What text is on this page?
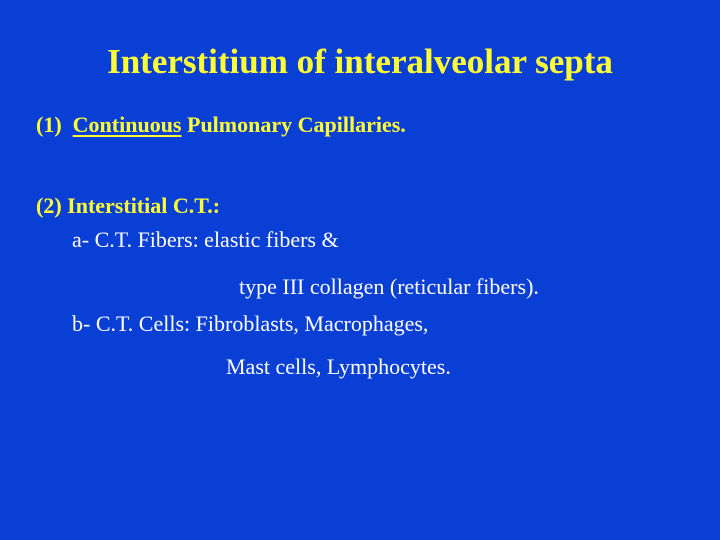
Interstitium of interalveolar septa
(1) Continuous Pulmonary Capillaries.
(2) Interstitial C.T.:
a- C.T. Fibers: elastic fibers &
type III collagen (reticular fibers).
b- C.T. Cells: Fibroblasts, Macrophages,
Mast cells, Lymphocytes.
